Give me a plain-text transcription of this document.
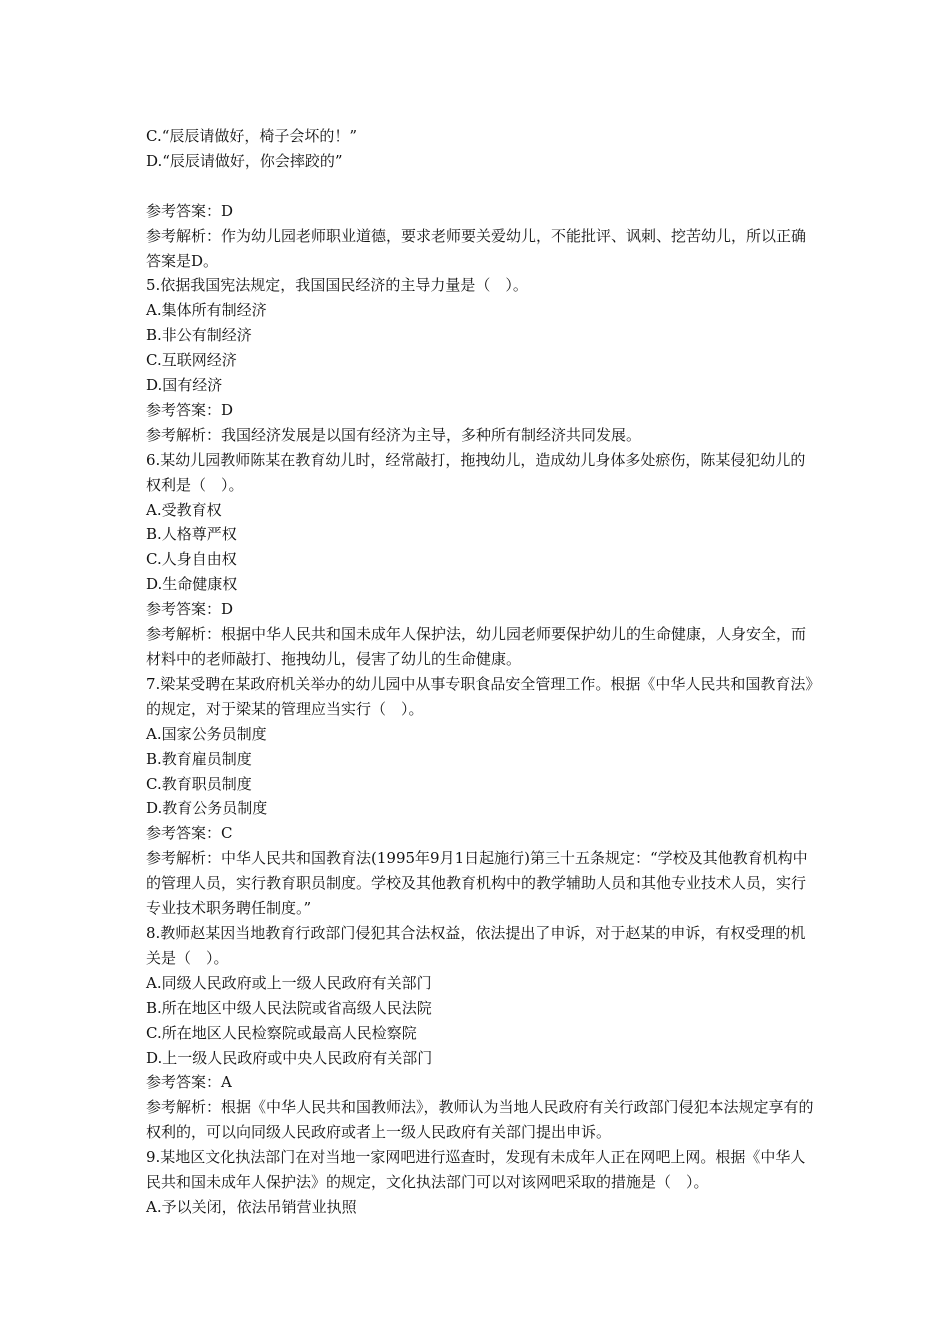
C.“辰辰请做好，椅子会坏的！”
D.“辰辰请做好，你会摔跤的”
参考答案：D
参考解析：作为幼儿园老师职业道德，要求老师要关爱幼儿，不能批评、讽刺、挖苦幼儿，所以正确答案是D。
5.依据我国宪法规定，我国国民经济的主导力量是（　）。
A.集体所有制经济
B.非公有制经济
C.互联网经济
D.国有经济
参考答案：D
参考解析：我国经济发展是以国有经济为主导，多种所有制经济共同发展。
6.某幼儿园教师陈某在教育幼儿时，经常敲打，拖拽幼儿，造成幼儿身体多处瘀伤，陈某侵犯幼儿的权利是（　）。
A.受教育权
B.人格尊严权
C.人身自由权
D.生命健康权
参考答案：D
参考解析：根据中华人民共和国未成年人保护法，幼儿园老师要保护幼儿的生命健康，人身安全，而材料中的老师敲打、拖拽幼儿，侵害了幼儿的生命健康。
7.梁某受聘在某政府机关举办的幼儿园中从事专职食品安全管理工作。根据《中华人民共和国教育法》的规定，对于梁某的管理应当实行（　）。
A.国家公务员制度
B.教育雇员制度
C.教育职员制度
D.教育公务员制度
参考答案：C
参考解析：中华人民共和国教育法(1995年9月1日起施行)第三十五条规定：“学校及其他教育机构中的管理人员，实行教育职员制度。学校及其他教育机构中的教学辅助人员和其他专业技术人员，实行专业技术职务聘任制度。”
8.教师赵某因当地教育行政部门侵犯其合法权益，依法提出了申诉，对于赵某的申诉，有权受理的机关是（　）。
A.同级人民政府或上一级人民政府有关部门
B.所在地区中级人民法院或省高级人民法院
C.所在地区人民检察院或最高人民检察院
D.上一级人民政府或中央人民政府有关部门
参考答案：A
参考解析：根据《中华人民共和国教师法》，教师认为当地人民政府有关行政部门侵犯本法规定享有的权利的，可以向同级人民政府或者上一级人民政府有关部门提出申诉。
9.某地区文化执法部门在对当地一家网吧进行巡查时，发现有未成年人正在网吧上网。根据《中华人民共和国未成年人保护法》的规定，文化执法部门可以对该网吧采取的措施是（　）。
A.予以关闭，依法吊销营业执照
